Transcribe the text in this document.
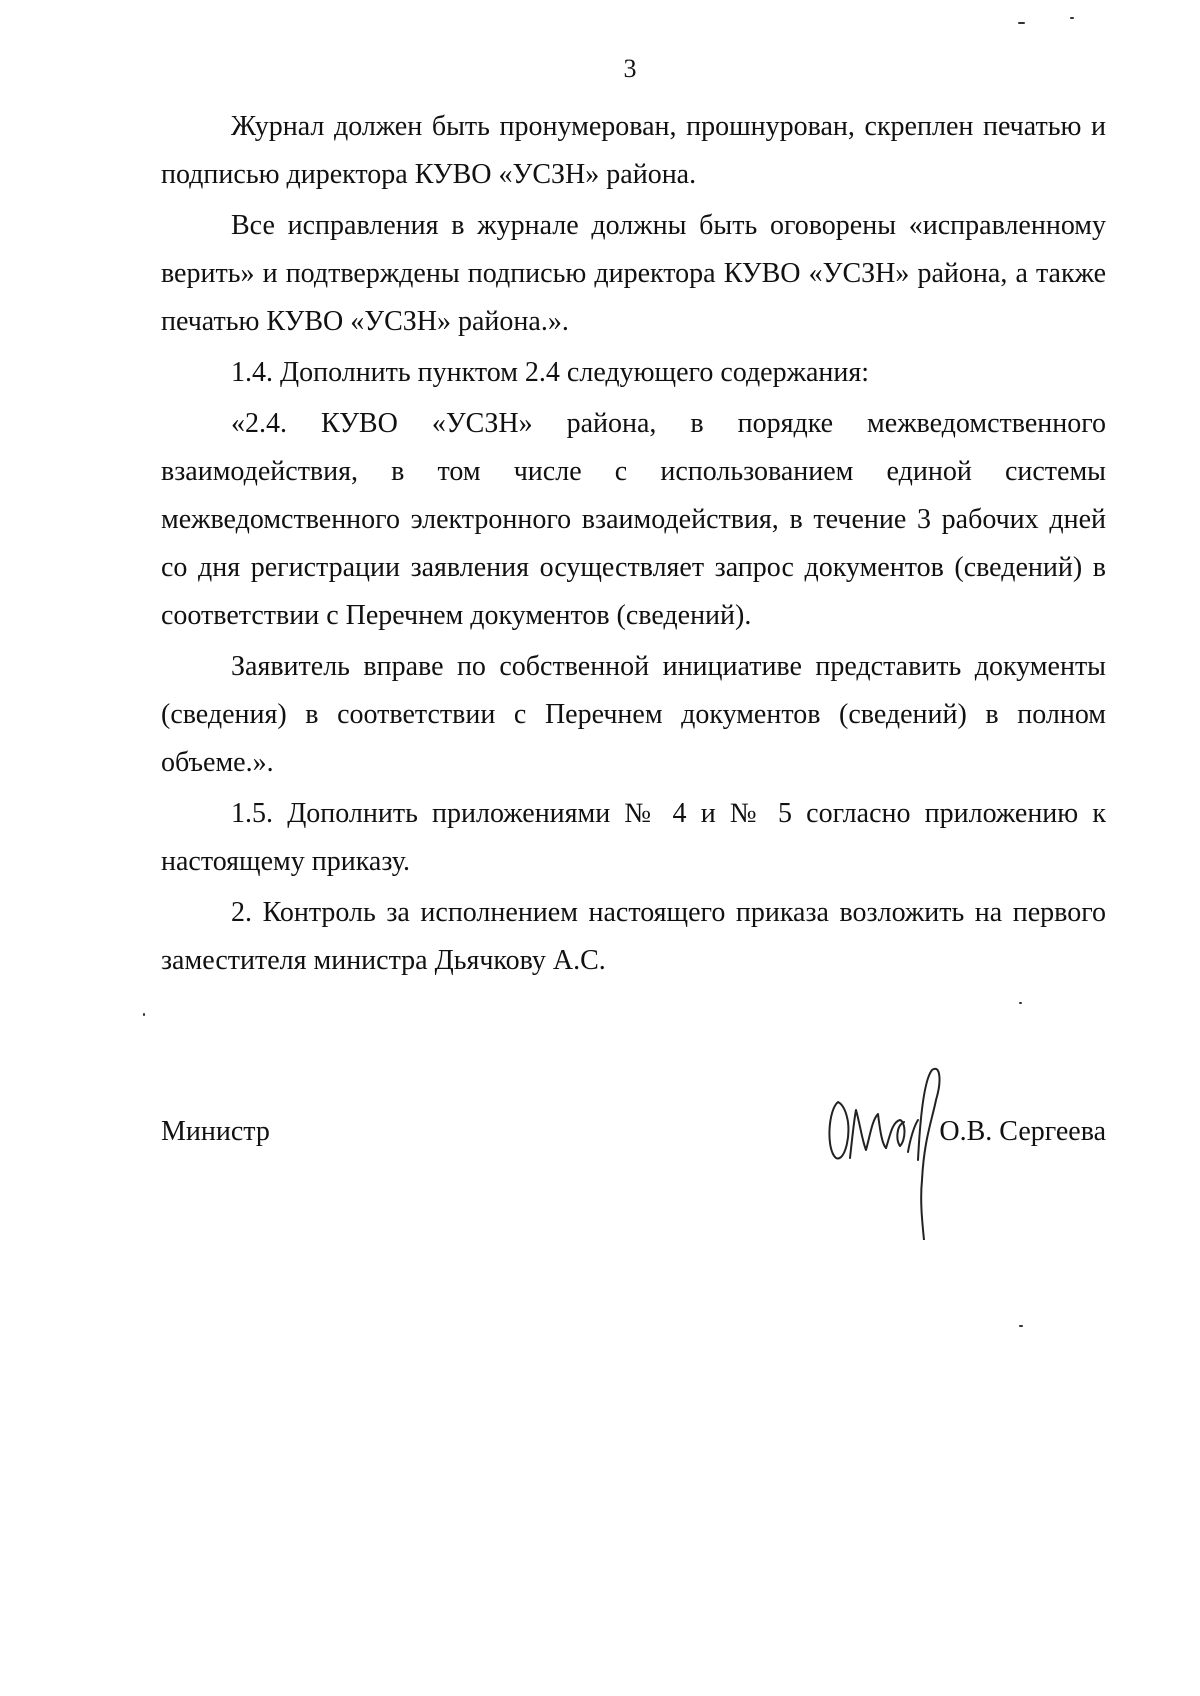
3

Журнал должен быть пронумерован, прошнурован, скреплен печатью и подписью директора КУВО «УСЗН» района.

Все исправления в журнале должны быть оговорены «исправленному верить» и подтверждены подписью директора КУВО «УСЗН» района, а также печатью КУВО «УСЗН» района.».

1.4. Дополнить пунктом 2.4 следующего содержания:

«2.4. КУВО «УСЗН» района, в порядке межведомственного взаимодействия, в том числе с использованием единой системы межведомственного электронного взаимодействия, в течение 3 рабочих дней со дня регистрации заявления осуществляет запрос документов (сведений) в соответствии с Перечнем документов (сведений).

Заявитель вправе по собственной инициативе представить документы (сведения) в соответствии с Перечнем документов (сведений) в полном объеме.».

1.5. Дополнить приложениями № 4 и № 5 согласно приложению к настоящему приказу.

2. Контроль за исполнением настоящего приказа возложить на первого заместителя министра Дьячкову А.С.

Министр	О.В. Сергеева
